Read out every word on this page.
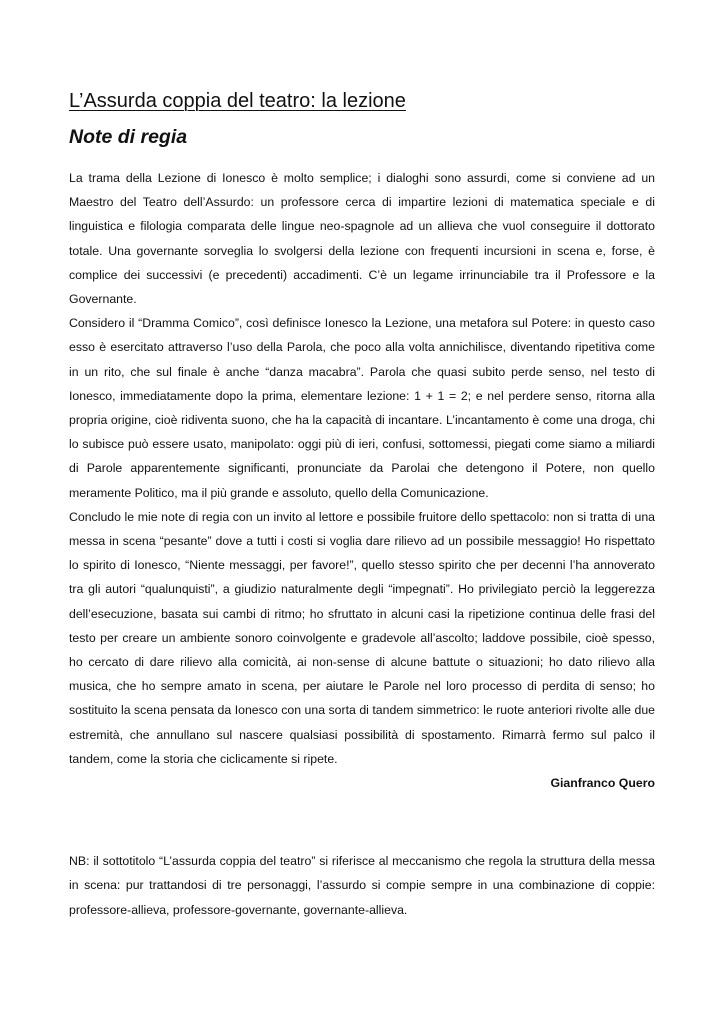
L’Assurda coppia del teatro: la lezione
Note di regia

La trama della Lezione di Ionesco è molto semplice; i dialoghi sono assurdi, come si conviene ad un Maestro del Teatro dell’Assurdo: un professore cerca di impartire lezioni di matematica speciale e di linguistica e filologia comparata delle lingue neo-spagnole ad un allieva che vuol conseguire il dottorato totale. Una governante sorveglia lo svolgersi della lezione con frequenti incursioni in scena e, forse, è complice dei successivi (e precedenti) accadimenti. C’è un legame irrinunciabile tra il Professore e la Governante.

Considero il “Dramma Comico”, così definisce Ionesco la Lezione, una metafora sul Potere: in questo caso esso è esercitato attraverso l’uso della Parola, che poco alla volta annichilisce, diventando ripetitiva come in un rito, che sul finale è anche “danza macabra”. Parola che quasi subito perde senso, nel testo di Ionesco, immediatamente dopo la prima, elementare lezione: 1 + 1 = 2; e nel perdere senso, ritorna alla propria origine, cioè ridiventa suono, che ha la capacità di incantare. L’incantamento è come una droga, chi lo subisce può essere usato, manipolato: oggi più di ieri, confusi, sottomessi, piegati come siamo a miliardi di Parole apparentemente significanti, pronunciate da Parolai che detengono il Potere, non quello meramente Politico, ma il più grande e assoluto, quello della Comunicazione.

Concludo le mie note di regia con un invito al lettore e possibile fruitore dello spettacolo: non si tratta di una messa in scena “pesante” dove a tutti i costi si voglia dare rilievo ad un possibile messaggio! Ho rispettato lo spirito di Ionesco, “Niente messaggi, per favore!”, quello stesso spirito che per decenni l’ha annoverato tra gli autori “qualunquisti”, a giudizio naturalmente degli “impegnati”. Ho privilegiato perciò la leggerezza dell’esecuzione, basata sui cambi di ritmo; ho sfruttato in alcuni casi la ripetizione continua delle frasi del testo per creare un ambiente sonoro coinvolgente e gradevole all’ascolto; laddove possibile, cioè spesso, ho cercato di dare rilievo alla comicità, ai non-sense di alcune battute o situazioni; ho dato rilievo alla musica, che ho sempre amato in scena, per aiutare le Parole nel loro processo di perdita di senso; ho sostituito la scena pensata da Ionesco con una sorta di tandem simmetrico: le ruote anteriori rivolte alle due estremità, che annullano sul nascere qualsiasi possibilità di spostamento. Rimarrà fermo sul palco il tandem, come la storia che ciclicamente si ripete.

Gianfranco Quero

NB: il sottotitolo “L’assurda coppia del teatro” si riferisce al meccanismo che regola la struttura della messa in scena: pur trattandosi di tre personaggi, l’assurdo si compie sempre in una combinazione di coppie: professore-allieva, professore-governante, governante-allieva.
